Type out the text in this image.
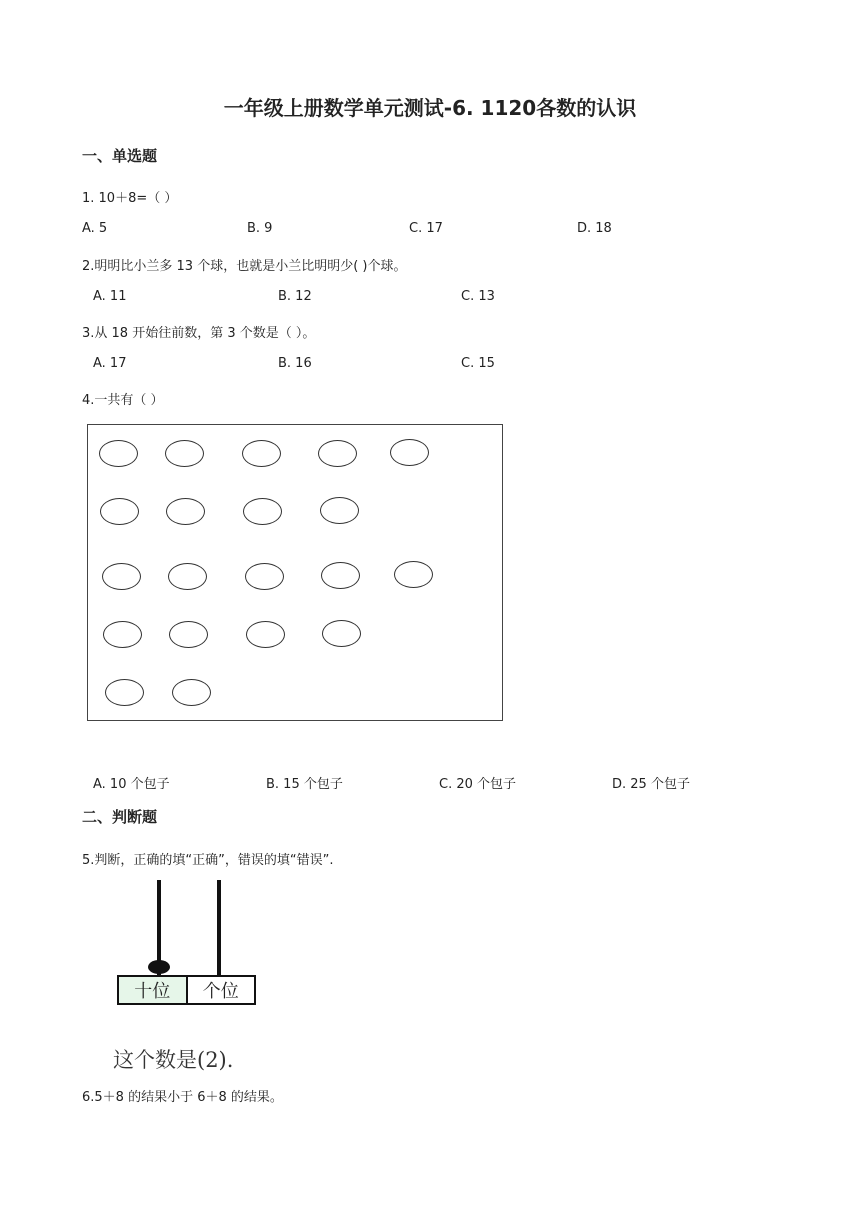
一年级上册数学单元测试-6. 1120各数的认识
一、单选题
1. 10＋8=（ ）
A. 5	B. 9	C. 17	D. 18
2.明明比小兰多 13 个球，也就是小兰比明明少( )个球。
A. 11	B. 12	C. 13
3.从 18 开始往前数，第 3 个数是（ ）。
A. 17	B. 16	C. 15
4.一共有（ ）
A. 10 个包子	B. 15 个包子	C. 20 个包子	D. 25 个包子
二、判断题
5.判断，正确的填“正确”，错误的填“错误”.
十位	个位
这个数是(2).
6.5＋8 的结果小于 6＋8 的结果。
